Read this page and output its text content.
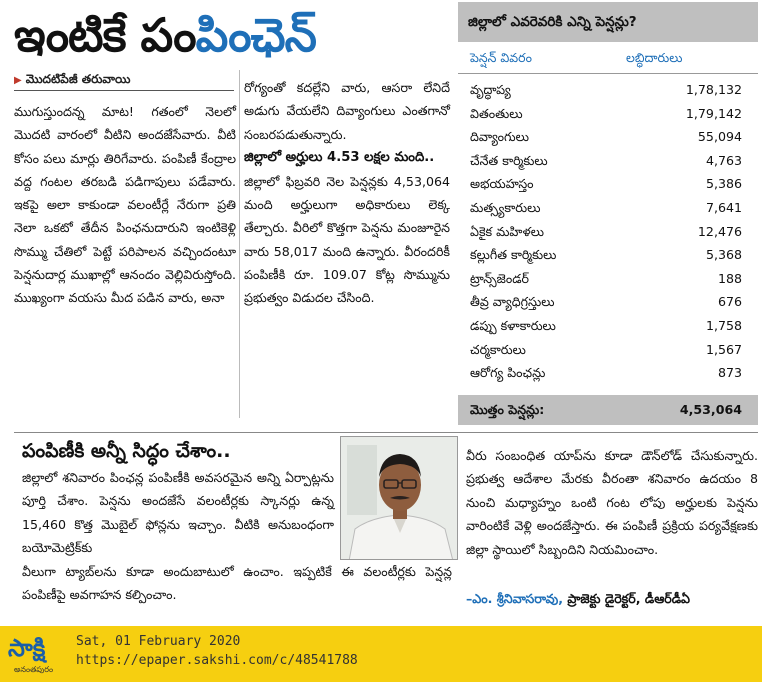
ఇంటికే పంపింఛెన్
▶ మొదటిపేజీ తరువాయి
ముగుస్తుందన్న మాట! గతంలో నెలలో మొదటి వారంలో వీటిని అందజేసేవారు. వీటి కోసం పలు మార్లు తిరిగేవారు. పంపిణీ కేంద్రాల వద్ద గంటల తరబడి పడిగాపులు పడేవారు. ఇకపై అలా కాకుండా వలంటీర్లే నేరుగా ప్రతి నెలా ఒకటో తేదీన పింఛనుదారుని ఇంటికెళ్లి సొమ్ము చేతిలో పెట్టే పరిపాలన వచ్చిందంటూ పెన్షనుదార్ల ముఖాల్లో ఆనందం వెల్లివిరుస్తోంది. ముఖ్యంగా వయసు మీద పడిన వారు, అనా
రోగ్యంతో కదల్లేని వారు, ఆసరా లేనిదే అడుగు వేయలేని దివ్యాంగులు ఎంతగానో సంబరపడుతున్నారు.
జిల్లాలో అర్హులు 4.53 లక్షల మంది..
జిల్లాలో ఫిబ్రవరి నెల పెన్షన్లకు 4,53,064 మంది అర్హులుగా అధికారులు లెక్క తేల్చారు. వీరిలో కొత్తగా పెన్షను మంజూరైన వారు 58,017 మంది ఉన్నారు. వీరందరికీ పంపిణీకి రూ. 109.07 కోట్ల సొమ్మును ప్రభుత్వం విడుదల చేసింది.
జిల్లాలో ఎవరెవరికి ఎన్ని పెన్షన్లు?
పెన్షన్ వివరం	లబ్ధిదారులు
వృద్ధాప్య	1,78,132
వితంతులు	1,79,142
దివ్యాంగులు	55,094
చేనేత కార్మికులు	4,763
అభయహస్తం	5,386
మత్స్యకారులు	7,641
ఏకైక మహిళలు	12,476
కల్లుగీత కార్మికులు	5,368
ట్రాన్స్‌జెండర్	188
తీవ్ర వ్యాధిగ్రస్తులు	676
డప్పు కళాకారులు	1,758
చర్మకారులు	1,567
ఆరోగ్య పింఛన్లు	873
మొత్తం పెన్షన్లు:	4,53,064
పంపిణీకి అన్నీ సిద్ధం చేశాం..
జిల్లాలో శనివారం పింఛన్ల పంపిణీకి అవసరమైన అన్ని ఏర్పాట్లను పూర్తి చేశాం. పెన్షను అందజేసే వలంటీర్లకు స్కానర్లు ఉన్న 15,460 కొత్త మొబైల్ ఫోన్లను ఇచ్చాం. వీటికి అనుబంధంగా బయోమెట్రిక్‌కు
వీలుగా ట్యాబ్‌లను కూడా అందుబాటులో ఉంచాం. ఇప్పటికే ఈ వలంటీర్లకు పెన్షన్ల పంపిణీపై అవగాహన కల్పించాం.
వీరు సంబంధిత యాప్‌ను కూడా డౌన్‌లోడ్ చేసుకున్నారు. ప్రభుత్వ ఆదేశాల మేరకు వీరంతా శనివారం ఉదయం 8 నుంచి మధ్యాహ్నం ఒంటి గంట లోపు అర్హులకు పెన్షను వారింటికే వెళ్లి అందజేస్తారు. ఈ పంపిణీ ప్రక్రియ పర్యవేక్షణకు జిల్లా స్థాయిలో సిబ్బందిని నియమించాం.
–ఎం. శ్రీనివాసరావు, ప్రాజెక్టు డైరెక్టర్, డీఆర్‌డీఏ
సాక్షి
అనంతపురం
Sat, 01 February 2020
https://epaper.sakshi.com/c/48541788
